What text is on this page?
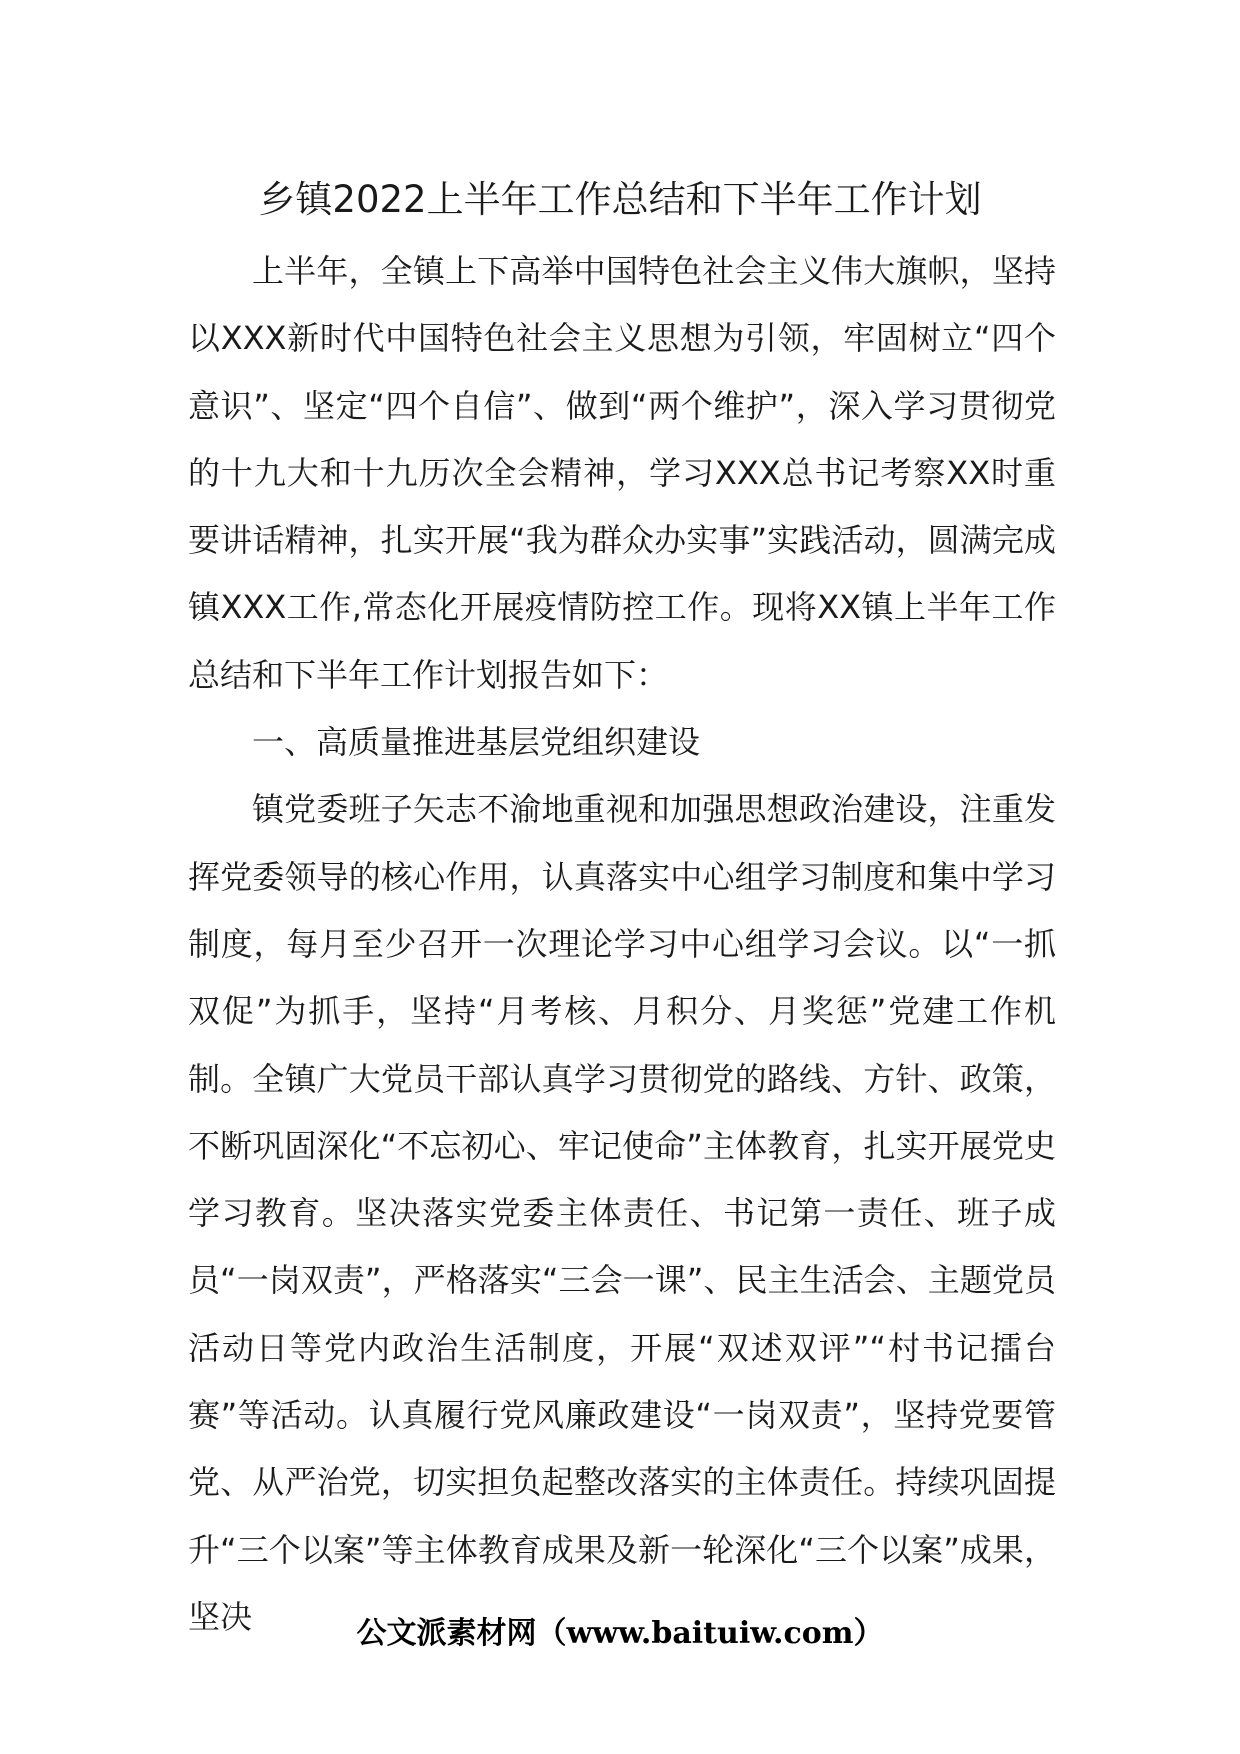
乡镇2022上半年工作总结和下半年工作计划

上半年，全镇上下高举中国特色社会主义伟大旗帜，坚持以XXX新时代中国特色社会主义思想为引领，牢固树立“四个意识”、坚定“四个自信”、做到“两个维护”，深入学习贯彻党的十九大和十九历次全会精神，学习XXX总书记考察XX时重要讲话精神，扎实开展“我为群众办实事”实践活动，圆满完成镇XXX工作,常态化开展疫情防控工作。现将XX镇上半年工作总结和下半年工作计划报告如下：

一、高质量推进基层党组织建设

镇党委班子矢志不渝地重视和加强思想政治建设，注重发挥党委领导的核心作用，认真落实中心组学习制度和集中学习制度，每月至少召开一次理论学习中心组学习会议。以“一抓双促”为抓手，坚持“月考核、月积分、月奖惩”党建工作机制。全镇广大党员干部认真学习贯彻党的路线、方针、政策，不断巩固深化“不忘初心、牢记使命”主体教育，扎实开展党史学习教育。坚决落实党委主体责任、书记第一责任、班子成员“一岗双责”，严格落实“三会一课”、民主生活会、主题党员活动日等党内政治生活制度，开展“双述双评”“村书记擂台赛”等活动。认真履行党风廉政建设“一岗双责”，坚持党要管党、从严治党，切实担负起整改落实的主体责任。持续巩固提升“三个以案”等主体教育成果及新一轮深化“三个以案”成果，坚决	公文派素材网（www.baituiw.com）
